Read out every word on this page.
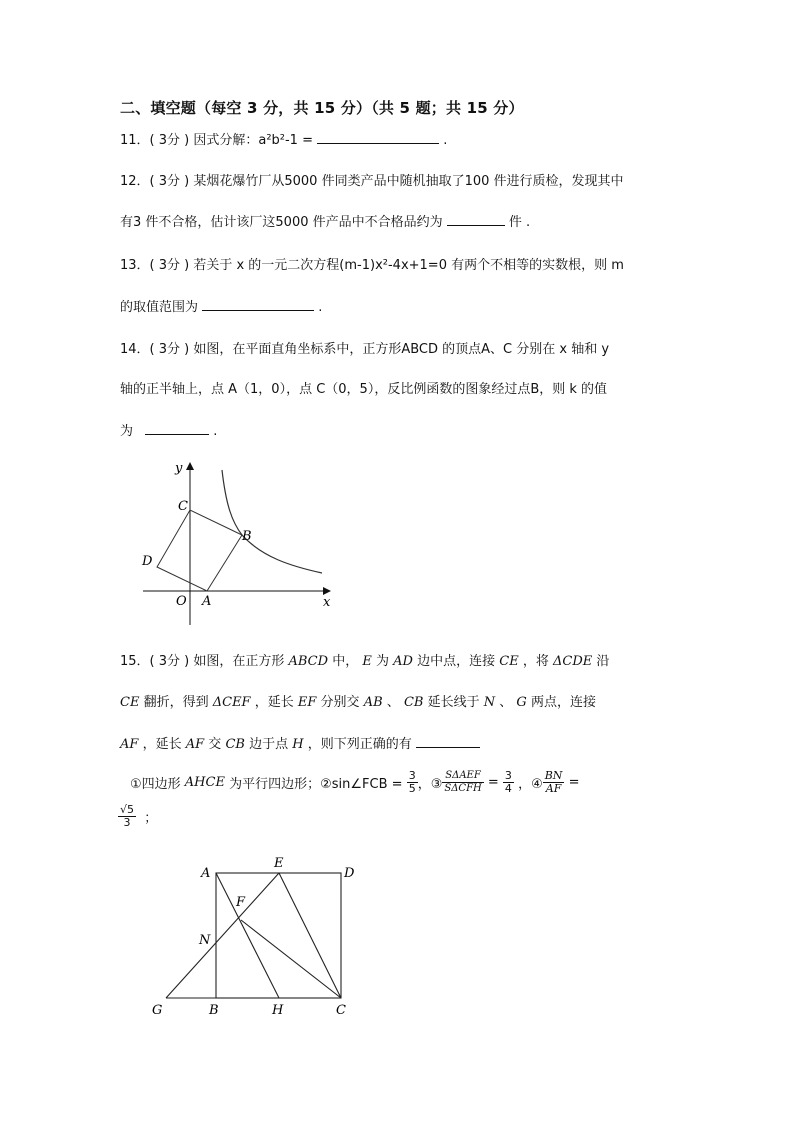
二、填空题（每空 3 分，共 15 分）（共 5 题；共 15 分）
11．( 3分 ) 因式分解：a²b²-1 =	.
12．( 3分 ) 某烟花爆竹厂从5000 件同类产品中随机抽取了100 件进行质检，发现其中
有3 件不合格，估计该厂这5000 件产品中不合格品约为	件 .
13．( 3分 ) 若关于 x 的一元二次方程(m-1)x²-4x+1=0 有两个不相等的实数根，则 m
的取值范围为	.
14．( 3分 ) 如图，在平面直角坐标系中，正方形ABCD 的顶点A、C 分别在 x 轴和 y
轴的正半轴上，点 A（1，0），点 C（0，5），反比例函数的图象经过点B，则 k 的值
为	.
y
x
O A
B
C
D
15．( 3分 ) 如图，在正方形 ABCD 中， E 为 AD 边中点，连接 CE ，将 ΔCDE 沿
CE 翻折，得到 ΔCEF ，延长 EF 分别交 AB 、 CB 延长线于 N 、 G 两点，连接
AF ，延长 AF 交 CB 边于点 H ，则下列正确的有
①四边形
AHCE
为平行四边形；②sin∠FCB =
$\frac{3}{5}$ ，③ $\frac{\text{SΔAEF}}{\text{SΔCFH}}$
=
$\frac{3}{4}$
，④ $\frac{BN}{AF}$
=
$\frac{√5}{3}$
；
A
E
D
F
N
G	B	H	C
